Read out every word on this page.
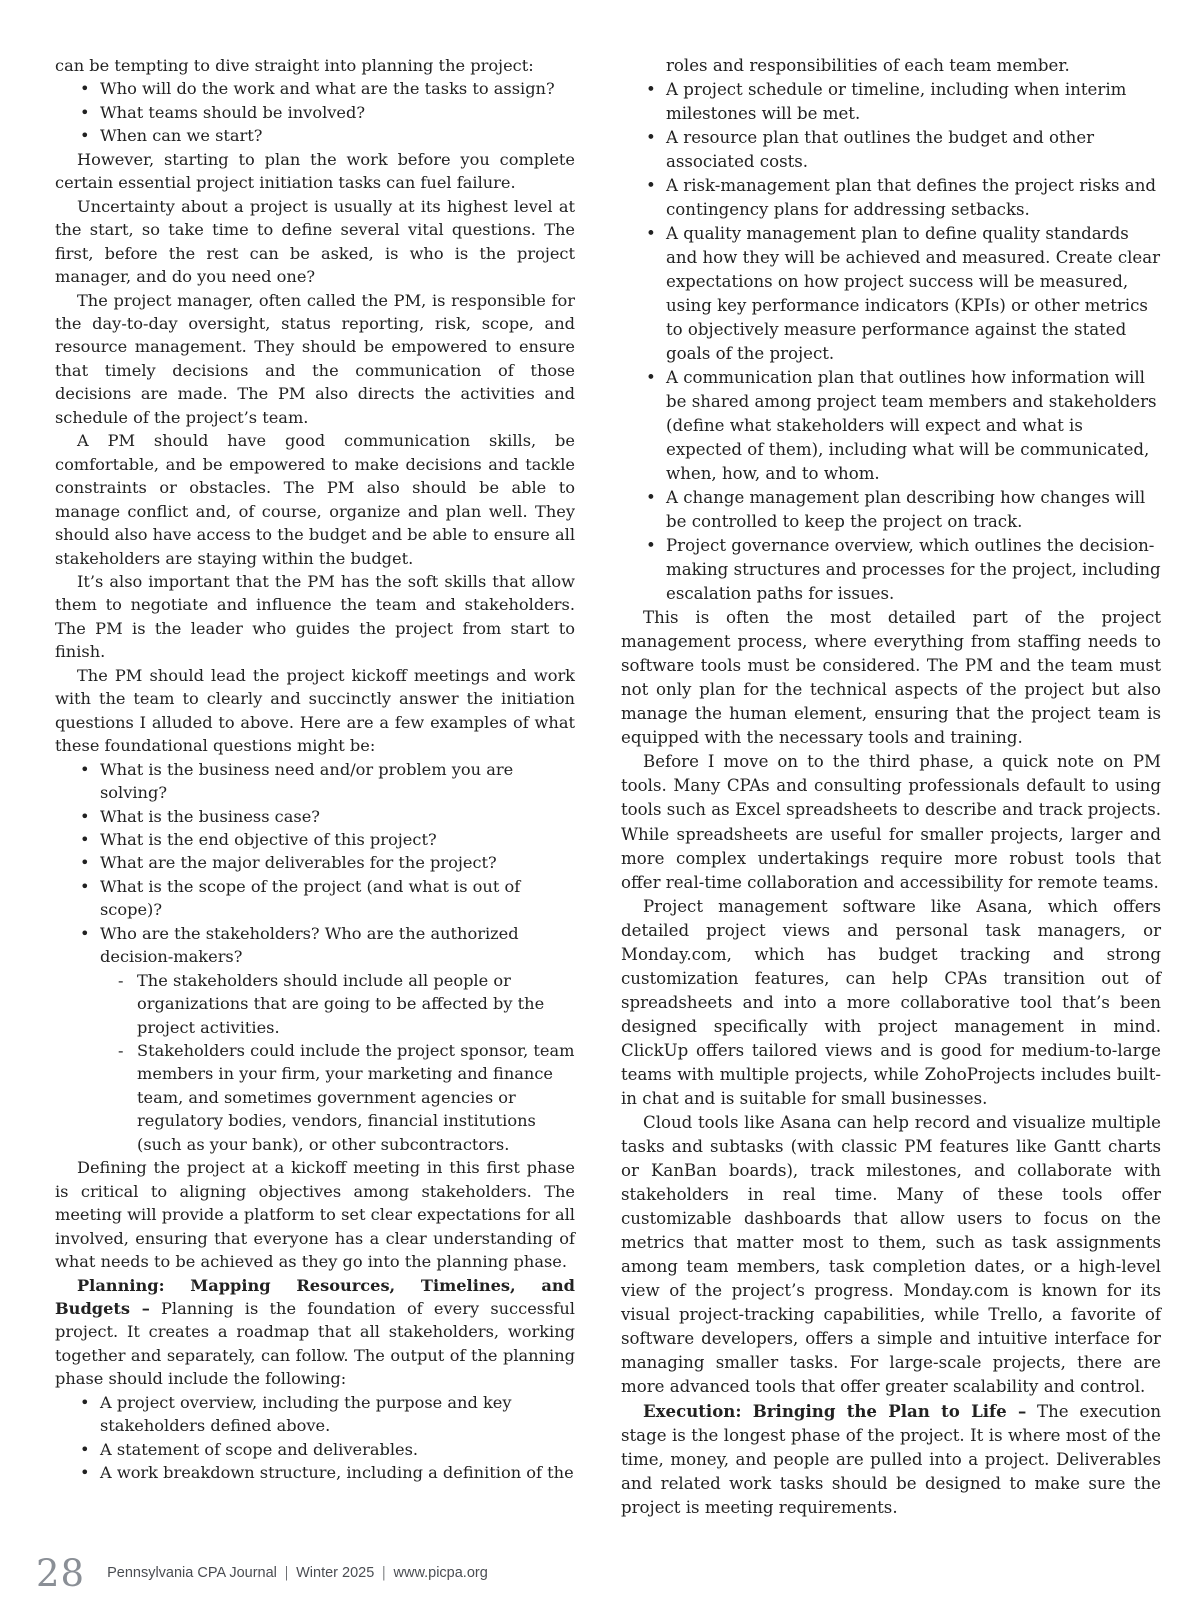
can be tempting to dive straight into planning the project:

• Who will do the work and what are the tasks to assign?
• What teams should be involved?
• When can we start?

However, starting to plan the work before you complete certain essential project initiation tasks can fuel failure.

Uncertainty about a project is usually at its highest level at the start, so take time to define several vital questions. The first, before the rest can be asked, is who is the project manager, and do you need one?

The project manager, often called the PM, is responsible for the day-to-day oversight, status reporting, risk, scope, and resource management. They should be empowered to ensure that timely decisions and the communication of those decisions are made. The PM also directs the activities and schedule of the project’s team.

A PM should have good communication skills, be comfortable, and be empowered to make decisions and tackle constraints or obstacles. The PM also should be able to manage conflict and, of course, organize and plan well. They should also have access to the budget and be able to ensure all stakeholders are staying within the budget.

It’s also important that the PM has the soft skills that allow them to negotiate and influence the team and stakeholders. The PM is the leader who guides the project from start to finish.

The PM should lead the project kickoff meetings and work with the team to clearly and succinctly answer the initiation questions I alluded to above. Here are a few examples of what these foundational questions might be:

• What is the business need and/or problem you are solving?
• What is the business case?
• What is the end objective of this project?
• What are the major deliverables for the project?
• What is the scope of the project (and what is out of scope)?
• Who are the stakeholders? Who are the authorized decision-makers?
- The stakeholders should include all people or organizations that are going to be affected by the project activities.
- Stakeholders could include the project sponsor, team members in your firm, your marketing and finance team, and sometimes government agencies or regulatory bodies, vendors, financial institutions (such as your bank), or other subcontractors.

Defining the project at a kickoff meeting in this first phase is critical to aligning objectives among stakeholders. The meeting will provide a platform to set clear expectations for all involved, ensuring that everyone has a clear understanding of what needs to be achieved as they go into the planning phase.

Planning: Mapping Resources, Timelines, and Budgets – Planning is the foundation of every successful project. It creates a roadmap that all stakeholders, working together and separately, can follow. The output of the planning phase should include the following:

• A project overview, including the purpose and key stakeholders defined above.
• A statement of scope and deliverables.
• A work breakdown structure, including a definition of the
roles and responsibilities of each team member.
• A project schedule or timeline, including when interim milestones will be met.
• A resource plan that outlines the budget and other associated costs.
• A risk-management plan that defines the project risks and contingency plans for addressing setbacks.
• A quality management plan to define quality standards and how they will be achieved and measured. Create clear expectations on how project success will be measured, using key performance indicators (KPIs) or other metrics to objectively measure performance against the stated goals of the project.
• A communication plan that outlines how information will be shared among project team members and stakeholders (define what stakeholders will expect and what is expected of them), including what will be communicated, when, how, and to whom.
• A change management plan describing how changes will be controlled to keep the project on track.
• Project governance overview, which outlines the decision-making structures and processes for the project, including escalation paths for issues.

This is often the most detailed part of the project management process, where everything from staffing needs to software tools must be considered. The PM and the team must not only plan for the technical aspects of the project but also manage the human element, ensuring that the project team is equipped with the necessary tools and training.

Before I move on to the third phase, a quick note on PM tools. Many CPAs and consulting professionals default to using tools such as Excel spreadsheets to describe and track projects. While spreadsheets are useful for smaller projects, larger and more complex undertakings require more robust tools that offer real-time collaboration and accessibility for remote teams.

Project management software like Asana, which offers detailed project views and personal task managers, or Monday.com, which has budget tracking and strong customization features, can help CPAs transition out of spreadsheets and into a more collaborative tool that’s been designed specifically with project management in mind. ClickUp offers tailored views and is good for medium-to-large teams with multiple projects, while ZohoProjects includes built-in chat and is suitable for small businesses.

Cloud tools like Asana can help record and visualize multiple tasks and subtasks (with classic PM features like Gantt charts or KanBan boards), track milestones, and collaborate with stakeholders in real time. Many of these tools offer customizable dashboards that allow users to focus on the metrics that matter most to them, such as task assignments among team members, task completion dates, or a high-level view of the project’s progress. Monday.com is known for its visual project-tracking capabilities, while Trello, a favorite of software developers, offers a simple and intuitive interface for managing smaller tasks. For large-scale projects, there are more advanced tools that offer greater scalability and control.

Execution: Bringing the Plan to Life – The execution stage is the longest phase of the project. It is where most of the time, money, and people are pulled into a project. Deliverables and related work tasks should be designed to make sure the project is meeting requirements.

28 Pennsylvania CPA Journal | Winter 2025 | www.picpa.org
